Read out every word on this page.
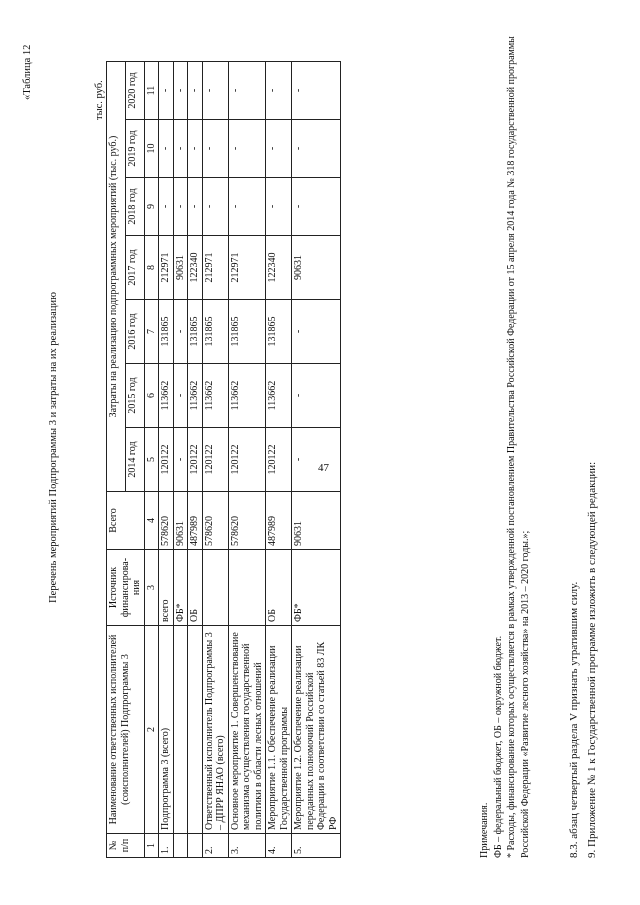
47
«Таблица 12
Перечень мероприятий Подпрограммы 3 и затраты на их реализацию
тыс. руб.
№ п/п	Наименование ответственных исполнителей (соисполнителей) Подпрограммы 3	Источник финансирова-ния	Всего	Затраты на реализацию подпрограммных мероприятий (тыс. руб.)						
				2014 год	2015 год	2016 год	2017 год	2018 год	2019 год	2020 год
1	2	3	4	5	6	7	8	9	10	11
1.	Подпрограмма 3 (всего)	всего	578620	120122	113662	131865	212971	-	-	-
		ФБ*	90631	-	-	-	90631	-	-	-
		ОБ	487989	120122	113662	131865	122340	-	-	-
2.	Ответственный исполнитель Подпрограммы 3 – ДПРР ЯНАО (всего)		578620	120122	113662	131865	212971	-	-	-
3.	Основное мероприятие 1. Совершенствование механизма осуществления государственной политики в области лесных отношений		578620	120122	113662	131865	212971	-	-	-
4.	Мероприятие 1.1. Обеспечение реализации Государственной программы	ОБ	487989	120122	113662	131865	122340	-	-	-
5.	Мероприятие 1.2. Обеспечение реализации переданных полномочий Российской Федерации в соответствии со статьей 83 ЛК РФ	ФБ*	90631	-	-	-	90631	-	-	-
Примечания. ФБ – федеральный бюджет, ОБ – окружной бюджет. * Расходы, финансирование которых осуществляется в рамках утвержденной постановлением Правительства Российской Федерации от 15 апреля 2014 года № 318 государственной программы Российской Федерации «Развитие лесного хозяйства» на 2013 – 2020 годы.»;	8.3. абзац четвертый раздела V признать утратившим силу. 9. Приложение № 1 к Государственной программе изложить в следующей редакции:
